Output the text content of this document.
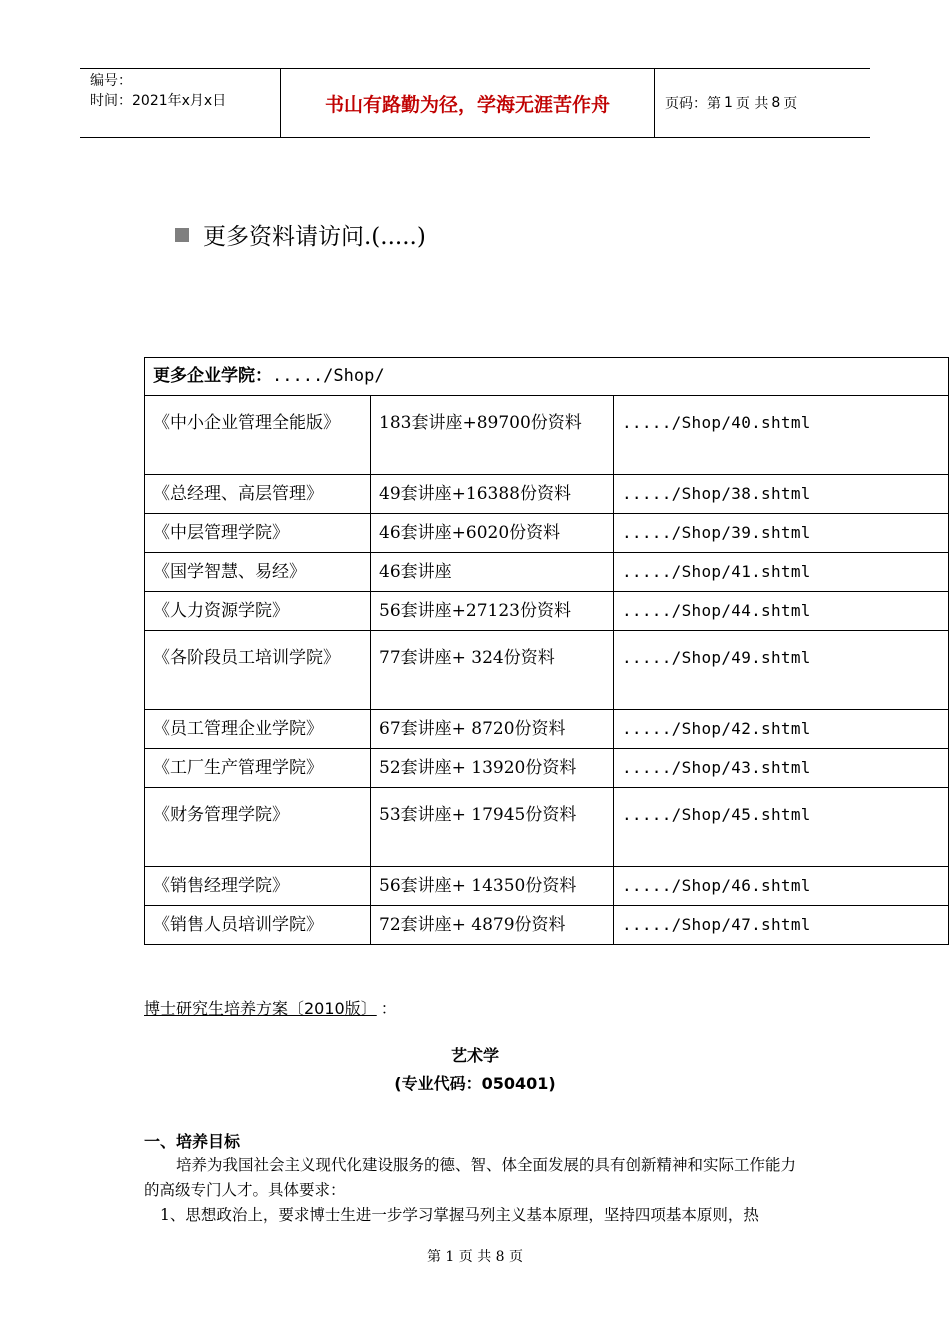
编号：
时间：2021年x月x日	书山有路勤为径，学海无涯苦作舟	页码：第 1 页 共 8 页
更多资料请访问.(.....)
更多企业学院：...../Shop/		
《中小企业管理全能版》	183套讲座+89700份资料	...../Shop/40.shtml
《总经理、高层管理》	49套讲座+16388份资料	...../Shop/38.shtml
《中层管理学院》	46套讲座+6020份资料	...../Shop/39.shtml
《国学智慧、易经》	46套讲座	...../Shop/41.shtml
《人力资源学院》	56套讲座+27123份资料	...../Shop/44.shtml
《各阶段员工培训学院》	77套讲座+ 324份资料	...../Shop/49.shtml
《员工管理企业学院》	67套讲座+ 8720份资料	...../Shop/42.shtml
《工厂生产管理学院》	52套讲座+ 13920份资料	...../Shop/43.shtml
《财务管理学院》	53套讲座+ 17945份资料	...../Shop/45.shtml
《销售经理学院》	56套讲座+ 14350份资料	...../Shop/46.shtml
《销售人员培训学院》	72套讲座+ 4879份资料	...../Shop/47.shtml
博士研究生培养方案〔2010版〕 ：
艺术学
(专业代码：050401)
一、培养目标
培养为我国社会主义现代化建设服务的德、智、体全面发展的具有创新精神和实际工作能力的高级专门人才。具体要求：
1、思想政治上，要求博士生进一步学习掌握马列主义基本原理，坚持四项基本原则，热
第 1 页 共 8 页
